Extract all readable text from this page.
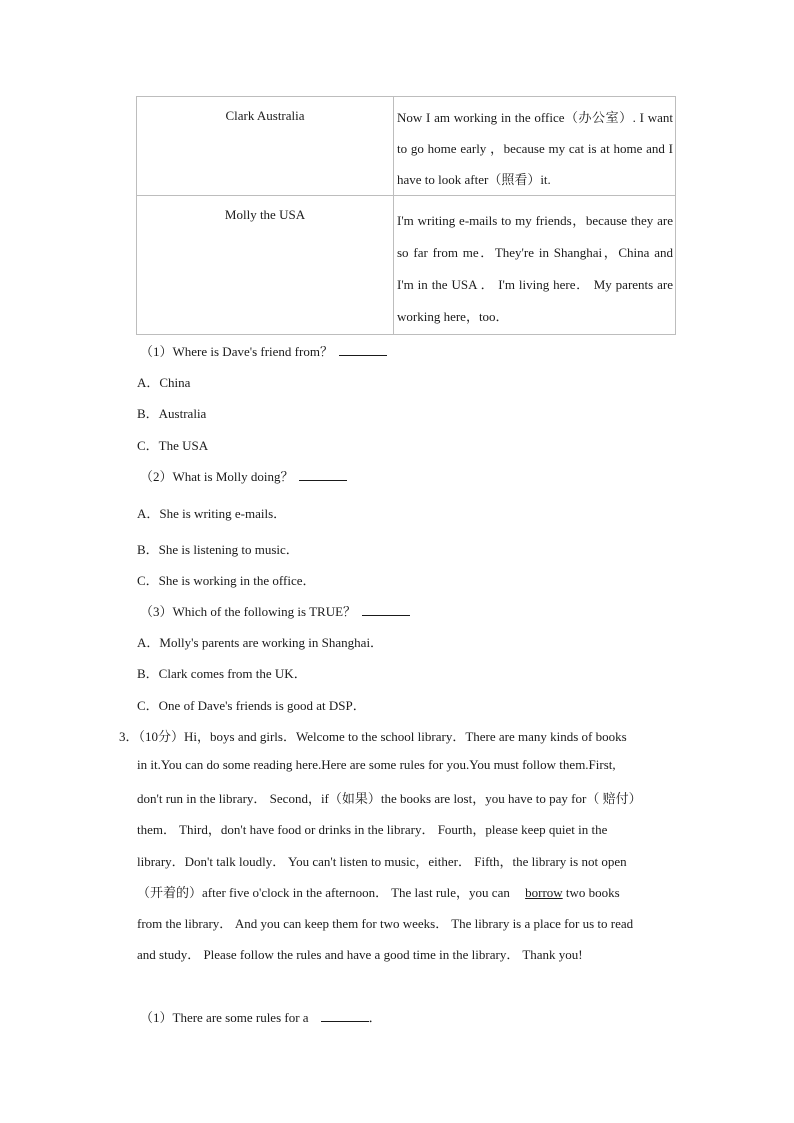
Clark Australia	Now I am working in the office（办公室）. I want to go home early ，because my cat is at home and I have to look after（照看）it.

Molly the USA	I'm writing e-mails to my friends，because they are so far from me．They're in Shanghai，China and I'm in the USA ． I'm living here． My parents are working here，too．
（1）Where is Dave's friend from？
A．China
B．Australia
C．The USA
（2）What is Molly doing？
A．She is writing e-mails．
B．She is listening to music．
C．She is working in the office．
（3）Which of the following is TRUE？
A．Molly's parents are working in Shanghai．
B．Clark comes from the UK．
C．One of Dave's friends is good at DSP．
3．（10分）Hi，boys and girls．Welcome to the school library．There are many kinds of books
in it.You can do some reading here.Here are some rules for you.You must follow them.First,
don't run in the library． Second，if（如果）the books are lost，you have to pay for（ 赔付）
them． Third，don't have food or drinks in the library． Fourth，please keep quiet in the
library．Don't talk loudly． You can't listen to music，either． Fifth，the library is not open
（开着的）after five o'clock in the afternoon． The last rule，you can borrow two books
from the library． And you can keep them for two weeks． The library is a place for us to read
and study． Please follow the rules and have a good time in the library． Thank you!
（1）There are some rules for a	．
